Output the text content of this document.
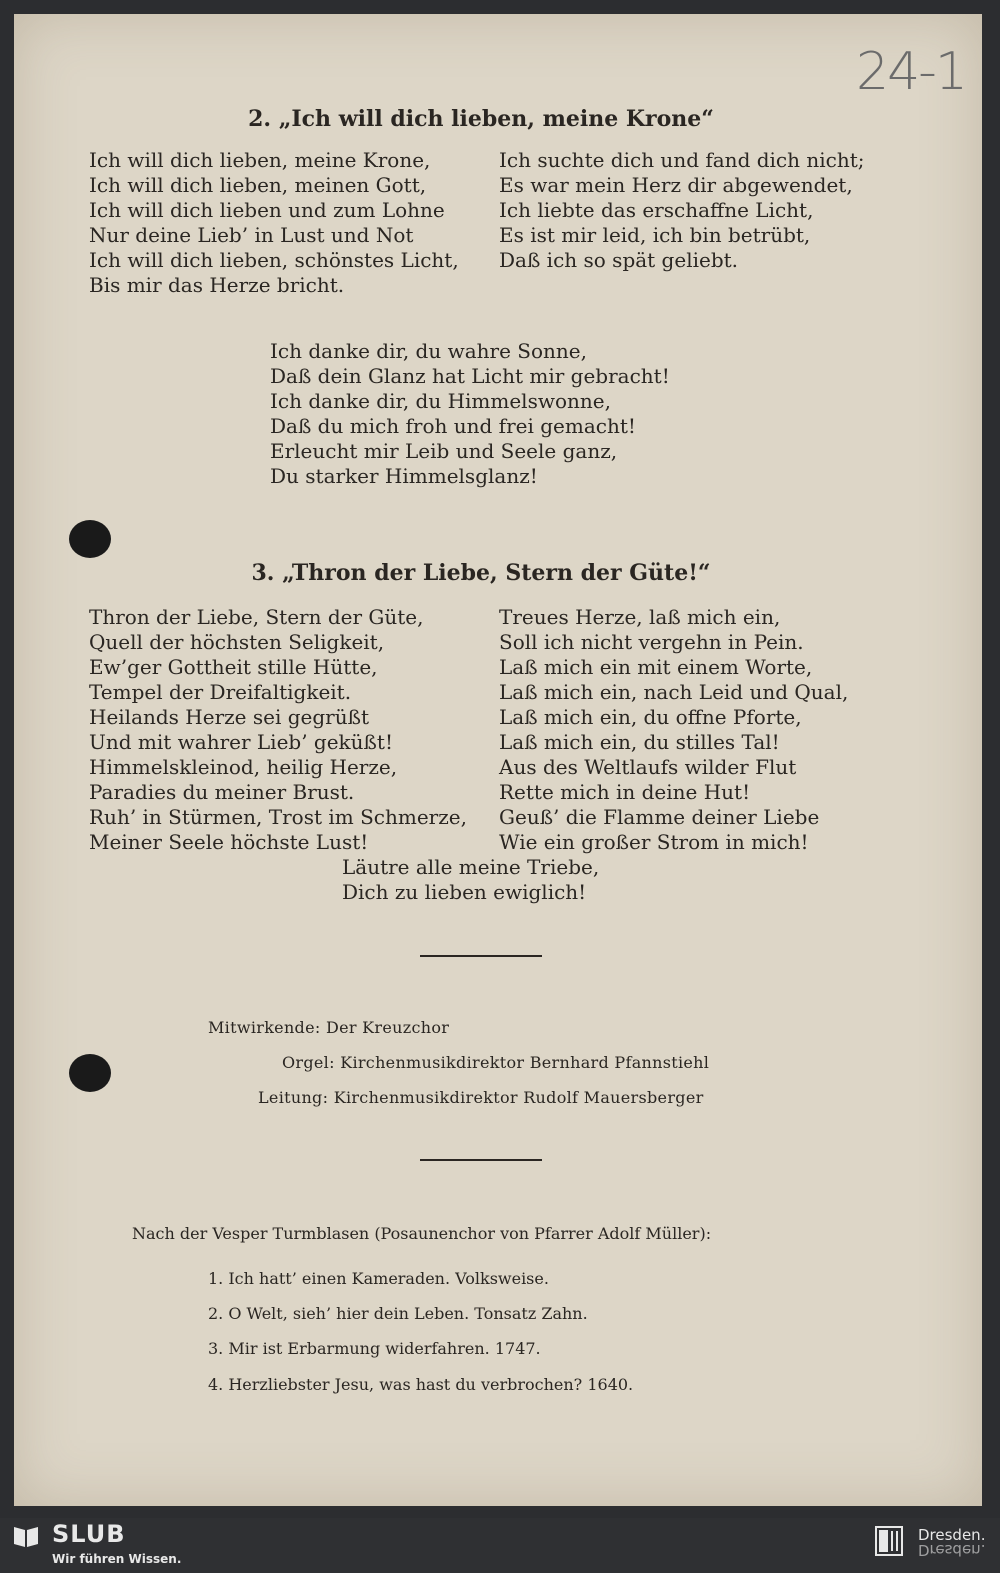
24-1
2. „Ich will dich lieben, meine Krone“
Ich will dich lieben, meine Krone,
Ich will dich lieben, meinen Gott,
Ich will dich lieben und zum Lohne
Nur deine Lieb’ in Lust und Not
Ich will dich lieben, schönstes Licht,
Bis mir das Herze bricht.
Ich suchte dich und fand dich nicht;
Es war mein Herz dir abgewendet,
Ich liebte das erschaffne Licht,
Es ist mir leid, ich bin betrübt,
Daß ich so spät geliebt.
Ich danke dir, du wahre Sonne,
Daß dein Glanz hat Licht mir gebracht!
Ich danke dir, du Himmelswonne,
Daß du mich froh und frei gemacht!
Erleucht mir Leib und Seele ganz,
Du starker Himmelsglanz!
3. „Thron der Liebe, Stern der Güte!“
Thron der Liebe, Stern der Güte,
Quell der höchsten Seligkeit,
Ew’ger Gottheit stille Hütte,
Tempel der Dreifaltigkeit.
Heilands Herze sei gegrüßt
Und mit wahrer Lieb’ geküßt!
Himmelskleinod, heilig Herze,
Paradies du meiner Brust.
Ruh’ in Stürmen, Trost im Schmerze,
Meiner Seele höchste Lust!
Treues Herze, laß mich ein,
Soll ich nicht vergehn in Pein.
Laß mich ein mit einem Worte,
Laß mich ein, nach Leid und Qual,
Laß mich ein, du offne Pforte,
Laß mich ein, du stilles Tal!
Aus des Weltlaufs wilder Flut
Rette mich in deine Hut!
Geuß’ die Flamme deiner Liebe
Wie ein großer Strom in mich!
Läutre alle meine Triebe,
Dich zu lieben ewiglich!
Mitwirkende: Der Kreuzchor
Orgel: Kirchenmusikdirektor Bernhard Pfannstiehl
Leitung: Kirchenmusikdirektor Rudolf Mauersberger
Nach der Vesper Turmblasen (Posaunenchor von Pfarrer Adolf Müller):
1. Ich hatt’ einen Kameraden. Volksweise.
2. O Welt, sieh’ hier dein Leben. Tonsatz Zahn.
3. Mir ist Erbarmung widerfahren. 1747.
4. Herzliebster Jesu, was hast du verbrochen? 1640.
SLUB
Wir führen Wissen.
Dresden.
Dresden.
